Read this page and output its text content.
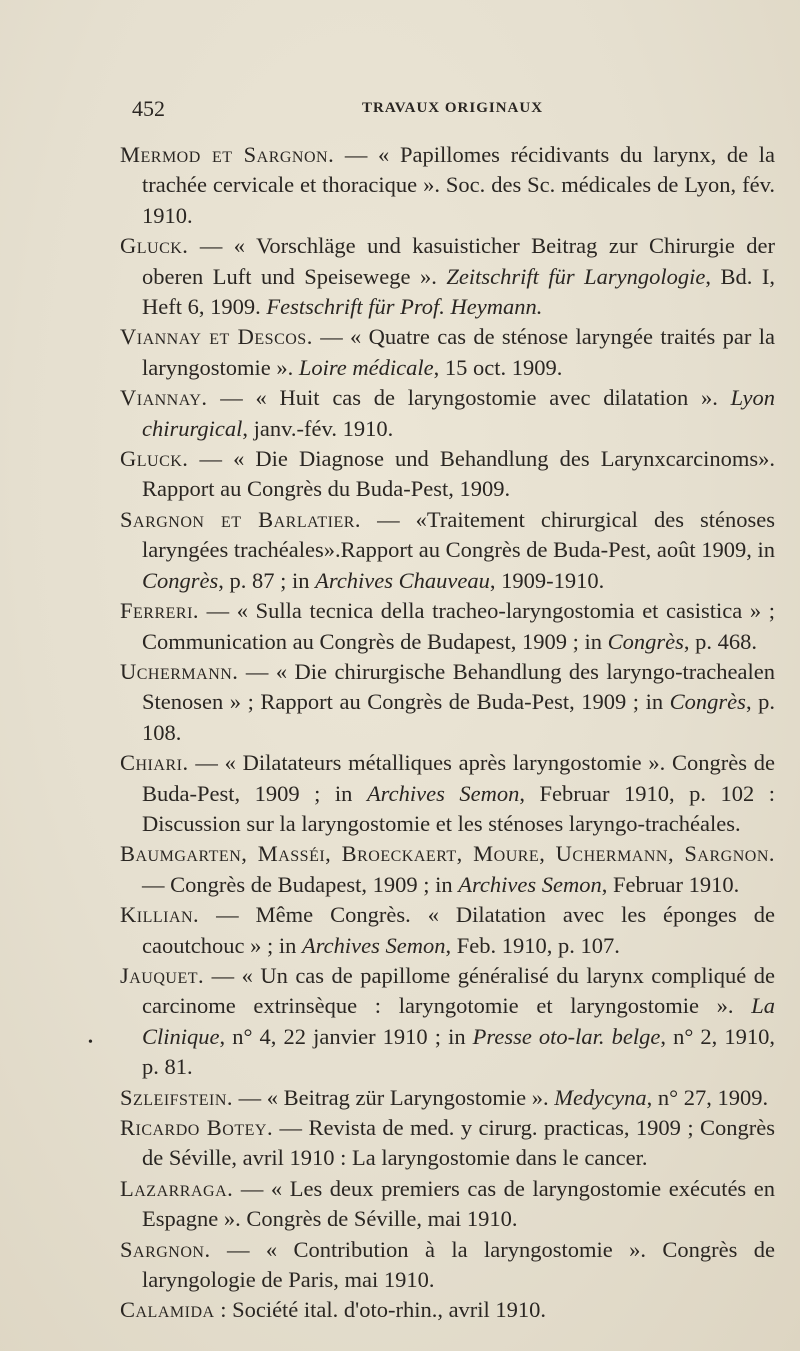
452	TRAVAUX ORIGINAUX
•
Mermod et Sargnon. — « Papillomes récidivants du larynx, de la trachée cervicale et thoracique ». Soc. des Sc. médicales de Lyon, fév. 1910.
Gluck. — « Vorschläge und kasuisticher Beitrag zur Chirurgie der oberen Luft und Speisewege ». Zeitschrift für Laryngologie, Bd. I, Heft 6, 1909. Festschrift für Prof. Heymann.
Viannay et Descos. — « Quatre cas de sténose laryngée traités par la laryngostomie ». Loire médicale, 15 oct. 1909.
Viannay. — « Huit cas de laryngostomie avec dilatation ». Lyon chirurgical, janv.-fév. 1910.
Gluck. — « Die Diagnose und Behandlung des Larynxcarcinoms». Rapport au Congrès du Buda-Pest, 1909.
Sargnon et Barlatier. — «Traitement chirurgical des sténoses laryngées trachéales».Rapport au Congrès de Buda-Pest, août 1909, in Congrès, p. 87 ; in Archives Chauveau, 1909-1910.
Ferreri. — « Sulla tecnica della tracheo-laryngostomia et casistica » ; Communication au Congrès de Budapest, 1909 ; in Congrès, p. 468.
Uchermann. — « Die chirurgische Behandlung des laryngo-trachealen Stenosen » ; Rapport au Congrès de Buda-Pest, 1909 ; in Congrès, p. 108.
Chiari. — « Dilatateurs métalliques après laryngostomie ». Congrès de Buda-Pest, 1909 ; in Archives Semon, Februar 1910, p. 102 : Discussion sur la laryngostomie et les sténoses laryngo-trachéales.
Baumgarten, Masséi, Broeckaert, Moure, Uchermann, Sargnon. — Congrès de Budapest, 1909 ; in Archives Semon, Februar 1910.
Killian. — Même Congrès. « Dilatation avec les éponges de caoutchouc » ; in Archives Semon, Feb. 1910, p. 107.
Jauquet. — « Un cas de papillome généralisé du larynx compliqué de carcinome extrinsèque : laryngotomie et laryngostomie ». La Clinique, n° 4, 22 janvier 1910 ; in Presse oto-lar. belge, n° 2, 1910, p. 81.
Szleifstein. — « Beitrag zür Laryngostomie ». Medycyna, n° 27, 1909.
Ricardo Botey. — Revista de med. y cirurg. practicas, 1909 ; Congrès de Séville, avril 1910 : La laryngostomie dans le cancer.
Lazarraga. — « Les deux premiers cas de laryngostomie exécutés en Espagne ». Congrès de Séville, mai 1910.
Sargnon. — « Contribution à la laryngostomie ». Congrès de laryngologie de Paris, mai 1910.
Calamida : Société ital. d'oto-rhin., avril 1910.
